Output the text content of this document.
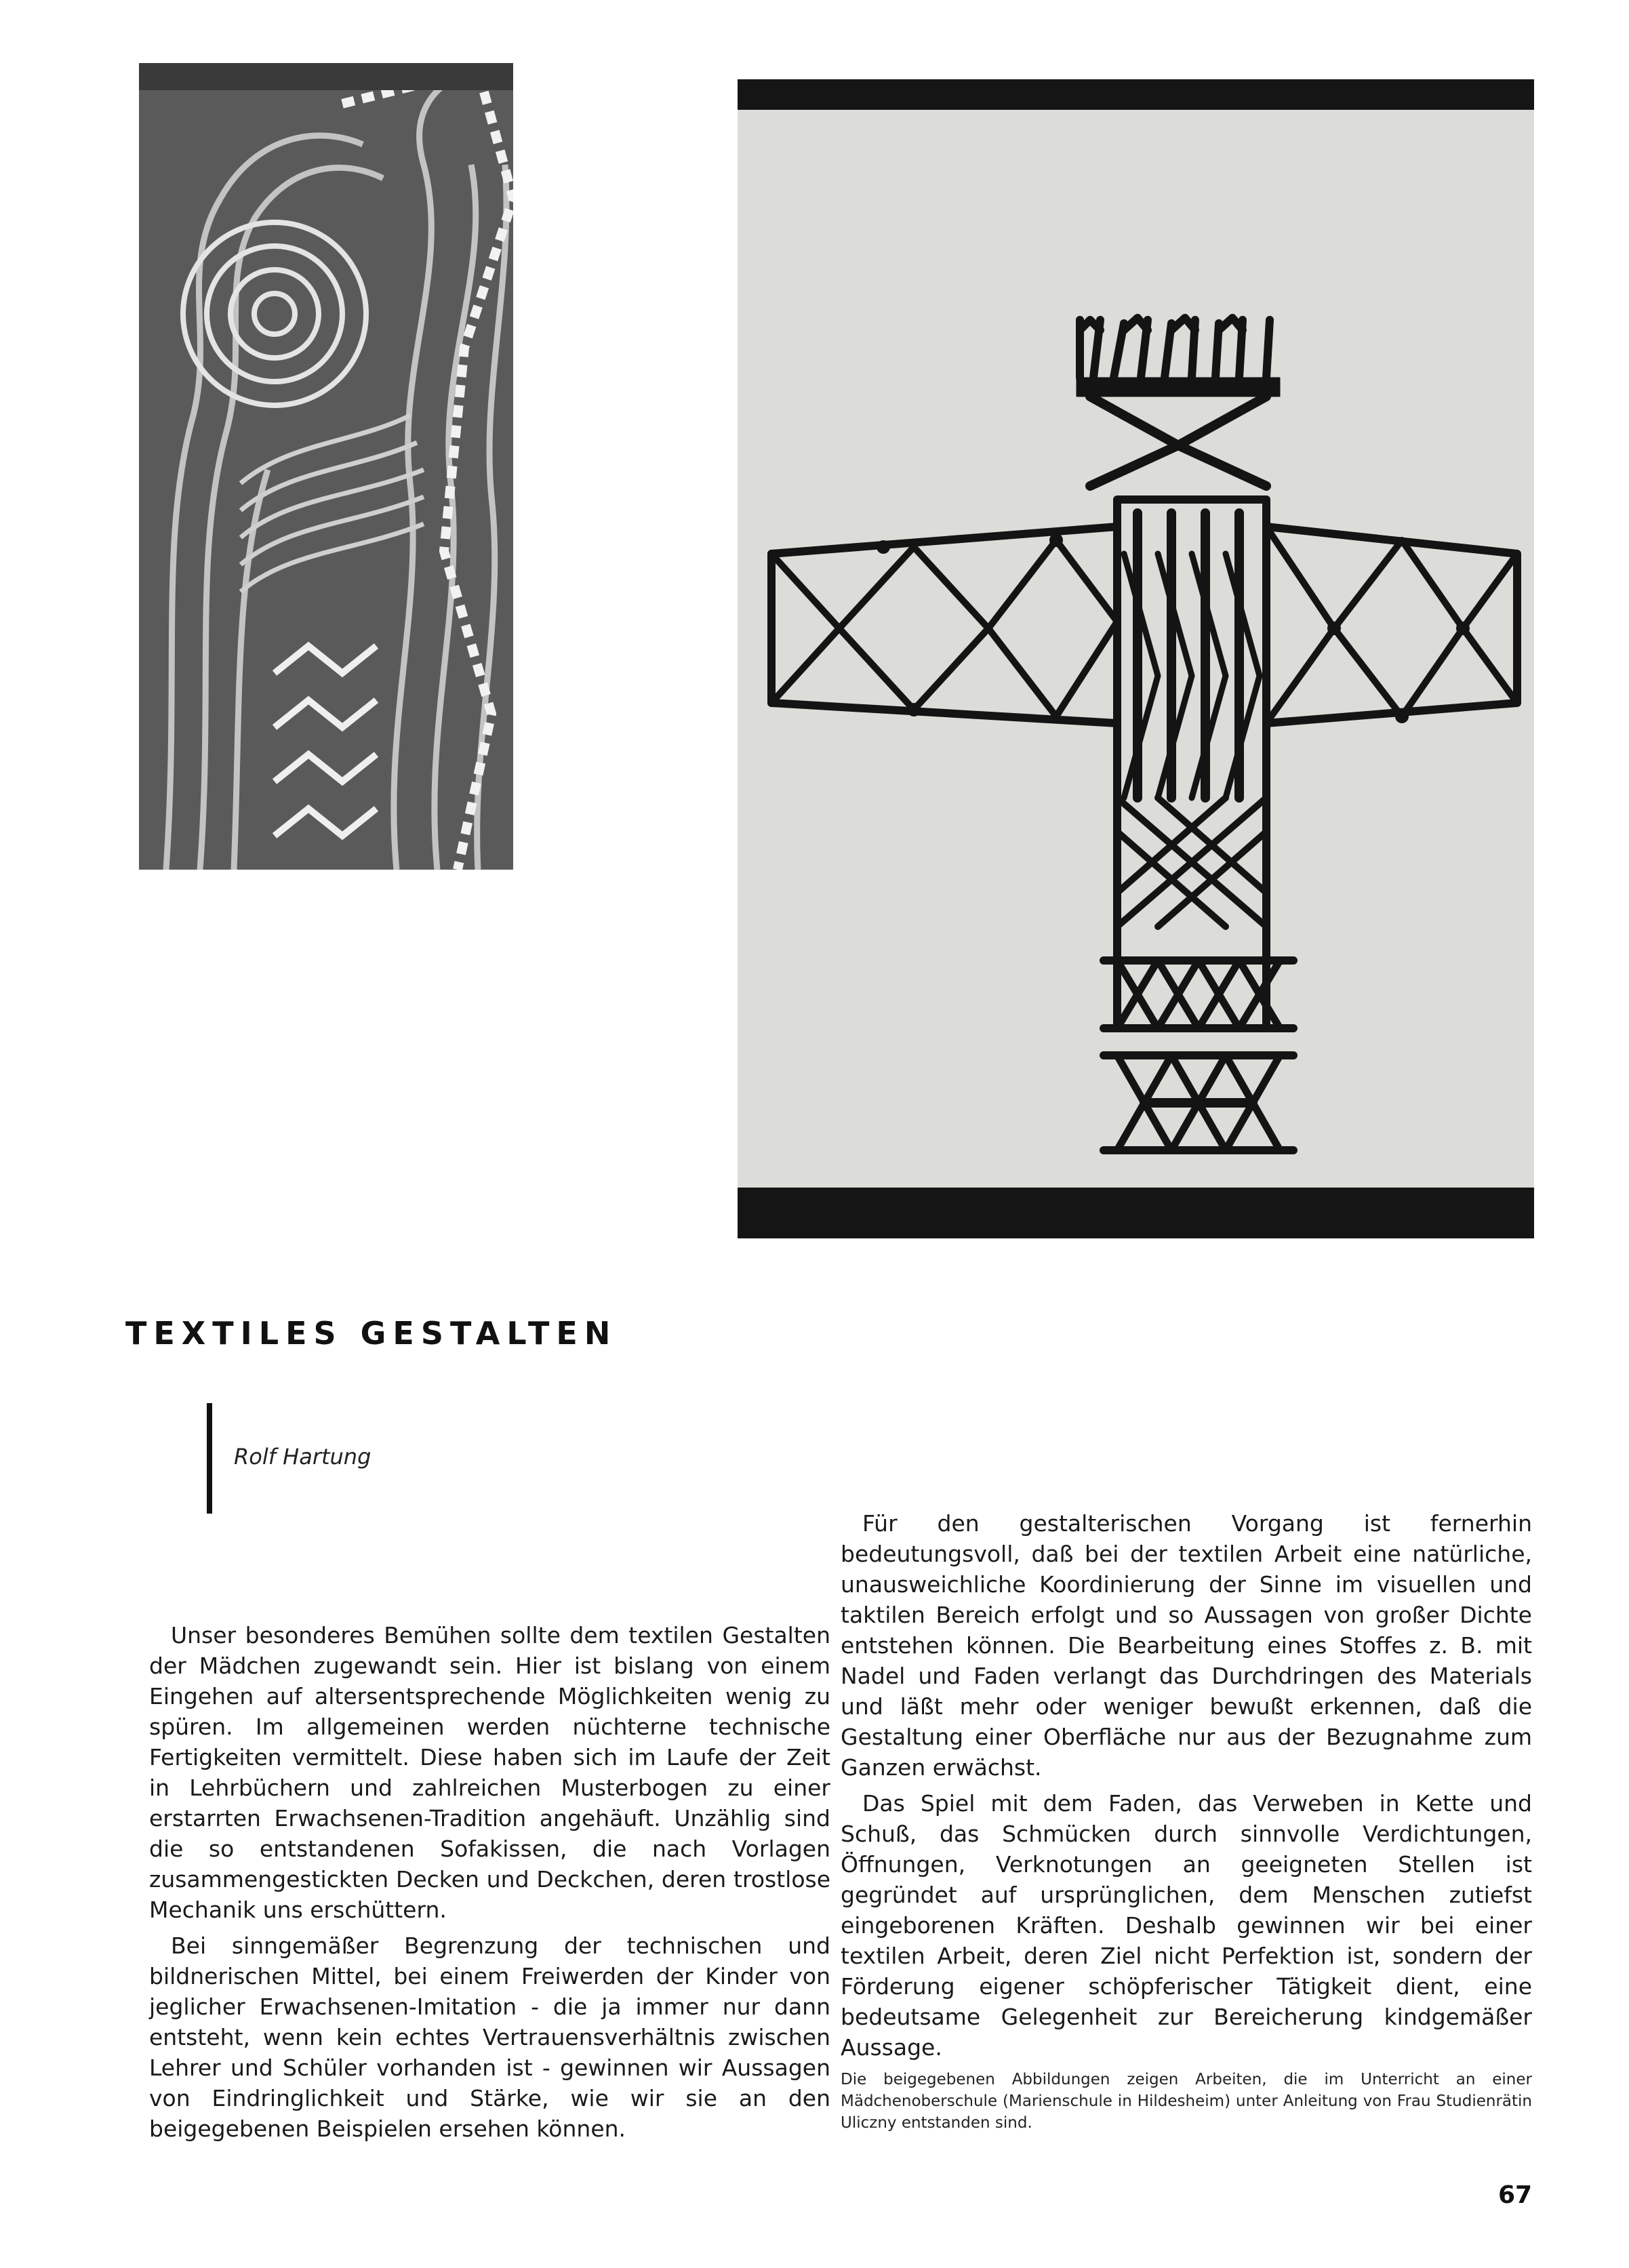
TEXTILES GESTALTEN
Rolf Hartung

Unser besonderes Bemühen sollte dem textilen Gestalten der Mädchen zugewandt sein. Hier ist bislang von einem Eingehen auf altersentsprechende Möglichkeiten wenig zu spüren. Im allgemeinen werden nüchterne technische Fertigkeiten vermittelt. Diese haben sich im Laufe der Zeit in Lehrbüchern und zahlreichen Musterbogen zu einer erstarrten Erwachsenen-Tradition angehäuft. Unzählig sind die so entstandenen Sofakissen, die nach Vorlagen zusammengestickten Decken und Deckchen, deren trostlose Mechanik uns erschüttern.

Bei sinngemäßer Begrenzung der technischen und bildnerischen Mittel, bei einem Freiwerden der Kinder von jeglicher Erwachsenen-Imitation - die ja immer nur dann entsteht, wenn kein echtes Vertrauensverhältnis zwischen Lehrer und Schüler vorhanden ist - gewinnen wir Aussagen von Eindringlichkeit und Stärke, wie wir sie an den beigegebenen Beispielen ersehen können.

Für den gestalterischen Vorgang ist fernerhin bedeutungsvoll, daß bei der textilen Arbeit eine natürliche, unausweichliche Koordinierung der Sinne im visuellen und taktilen Bereich erfolgt und so Aussagen von großer Dichte entstehen können. Die Bearbeitung eines Stoffes z. B. mit Nadel und Faden verlangt das Durchdringen des Materials und läßt mehr oder weniger bewußt erkennen, daß die Gestaltung einer Oberfläche nur aus der Bezugnahme zum Ganzen erwächst.

Das Spiel mit dem Faden, das Verweben in Kette und Schuß, das Schmücken durch sinnvolle Verdichtungen, Öffnungen, Verknotungen an geeigneten Stellen ist gegründet auf ursprünglichen, dem Menschen zutiefst eingeborenen Kräften. Deshalb gewinnen wir bei einer textilen Arbeit, deren Ziel nicht Perfektion ist, sondern der Förderung eigener schöpferischer Tätigkeit dient, eine bedeutsame Gelegenheit zur Bereicherung kindgemäßer Aussage.

Die beigegebenen Abbildungen zeigen Arbeiten, die im Unterricht an einer Mädchenoberschule (Marienschule in Hildesheim) unter Anleitung von Frau Studienrätin Uliczny entstanden sind.
67
